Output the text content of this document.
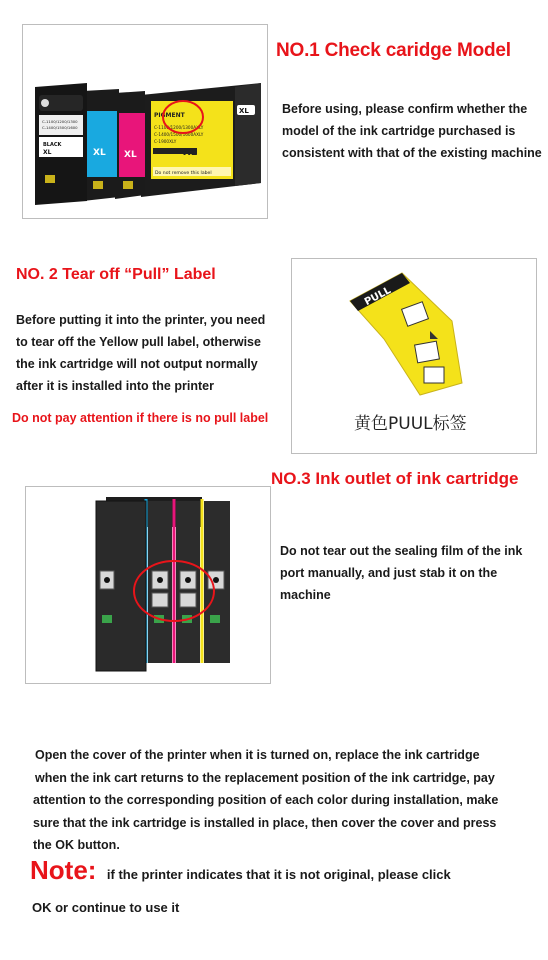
PIGMENT
C-1100/1200/1300AXLY
C-1400/1500/1600AXLY
C-1900XLY
XL
Do not remove this label
XL
XL
XL
C-1100/1200/1300
C-1400/1500/1600
BLACK
XL
NO.1 Check caridge Model
Before using, please confirm whether the
model of the ink cartridge purchased is
consistent with that of the existing machine
NO. 2 Tear off “Pull” Label
Before putting it into the printer, you need
to tear off the Yellow pull label, otherwise
the ink cartridge will not output normally
after it is installed into the printer
Do not pay attention if there is no pull label
PULL
黄色PUUL标签
NO.3 Ink outlet of ink cartridge
Do not tear out the sealing film of the ink
port manually, and just stab it on the
machine
Open the cover of the printer when it is turned on, replace the ink cartridge
when the ink cart returns to the replacement position of the ink cartridge, pay
attention to the corresponding position of each color during installation, make
sure that the ink cartridge is installed in place, then cover the cover and press
the OK button.
Note: if the printer indicates that it is not original, please click
OK or continue to use it
